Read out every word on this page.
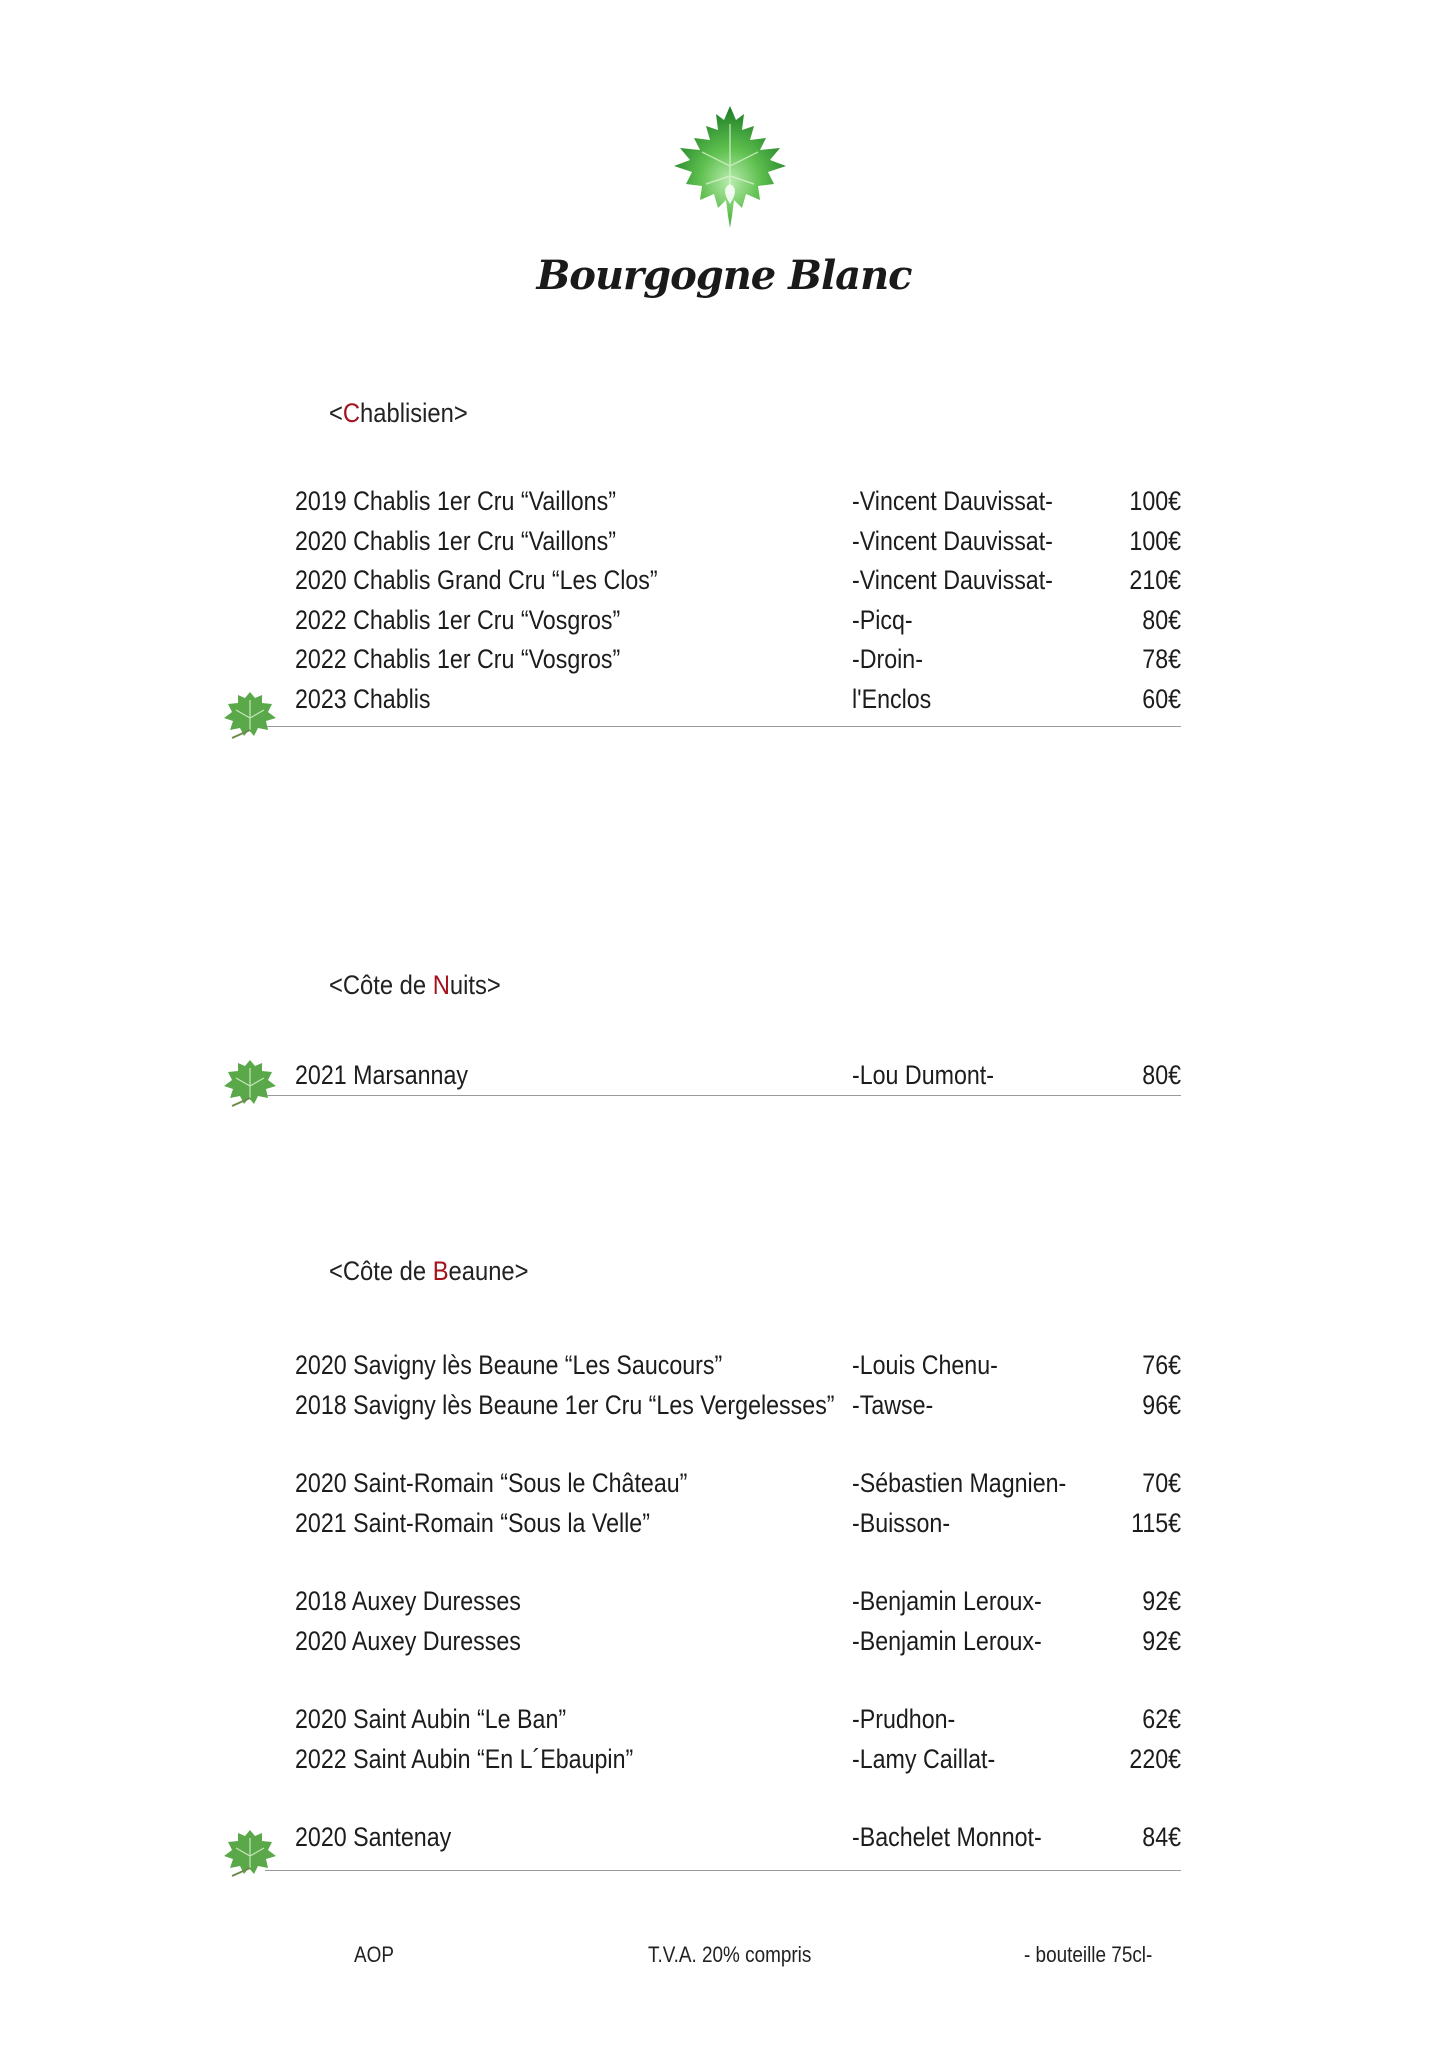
Bourgogne Blanc
<Chablisien>
2019 Chablis 1er Cru “Vaillons”	-Vincent Dauvissat-	100€
2020 Chablis 1er Cru “Vaillons”	-Vincent Dauvissat-	100€
2020 Chablis Grand Cru “Les Clos”	-Vincent Dauvissat-	210€
2022 Chablis 1er Cru “Vosgros”	-Picq-	80€
2022 Chablis 1er Cru “Vosgros”	-Droin-	78€
2023 Chablis	l'Enclos	60€
<Côte de Nuits>
2021 Marsannay	-Lou Dumont-	80€
<Côte de Beaune>
2020 Savigny lès Beaune “Les Saucours”	-Louis Chenu-	76€
2018 Savigny lès Beaune 1er Cru “Les Vergelesses” -Tawse-	96€
2020 Saint-Romain “Sous le Château”	-Sébastien Magnien-	70€
2021 Saint-Romain “Sous la Velle”	-Buisson-	115€
2018 Auxey Duresses	-Benjamin Leroux-	92€
2020 Auxey Duresses	-Benjamin Leroux-	92€
2020 Saint Aubin “Le Ban”	-Prudhon-	62€
2022 Saint Aubin “En L´Ebaupin”	-Lamy Caillat-	220€
2020 Santenay	-Bachelet Monnot-	84€
AOP	T.V.A. 20% compris	- bouteille 75cl-
